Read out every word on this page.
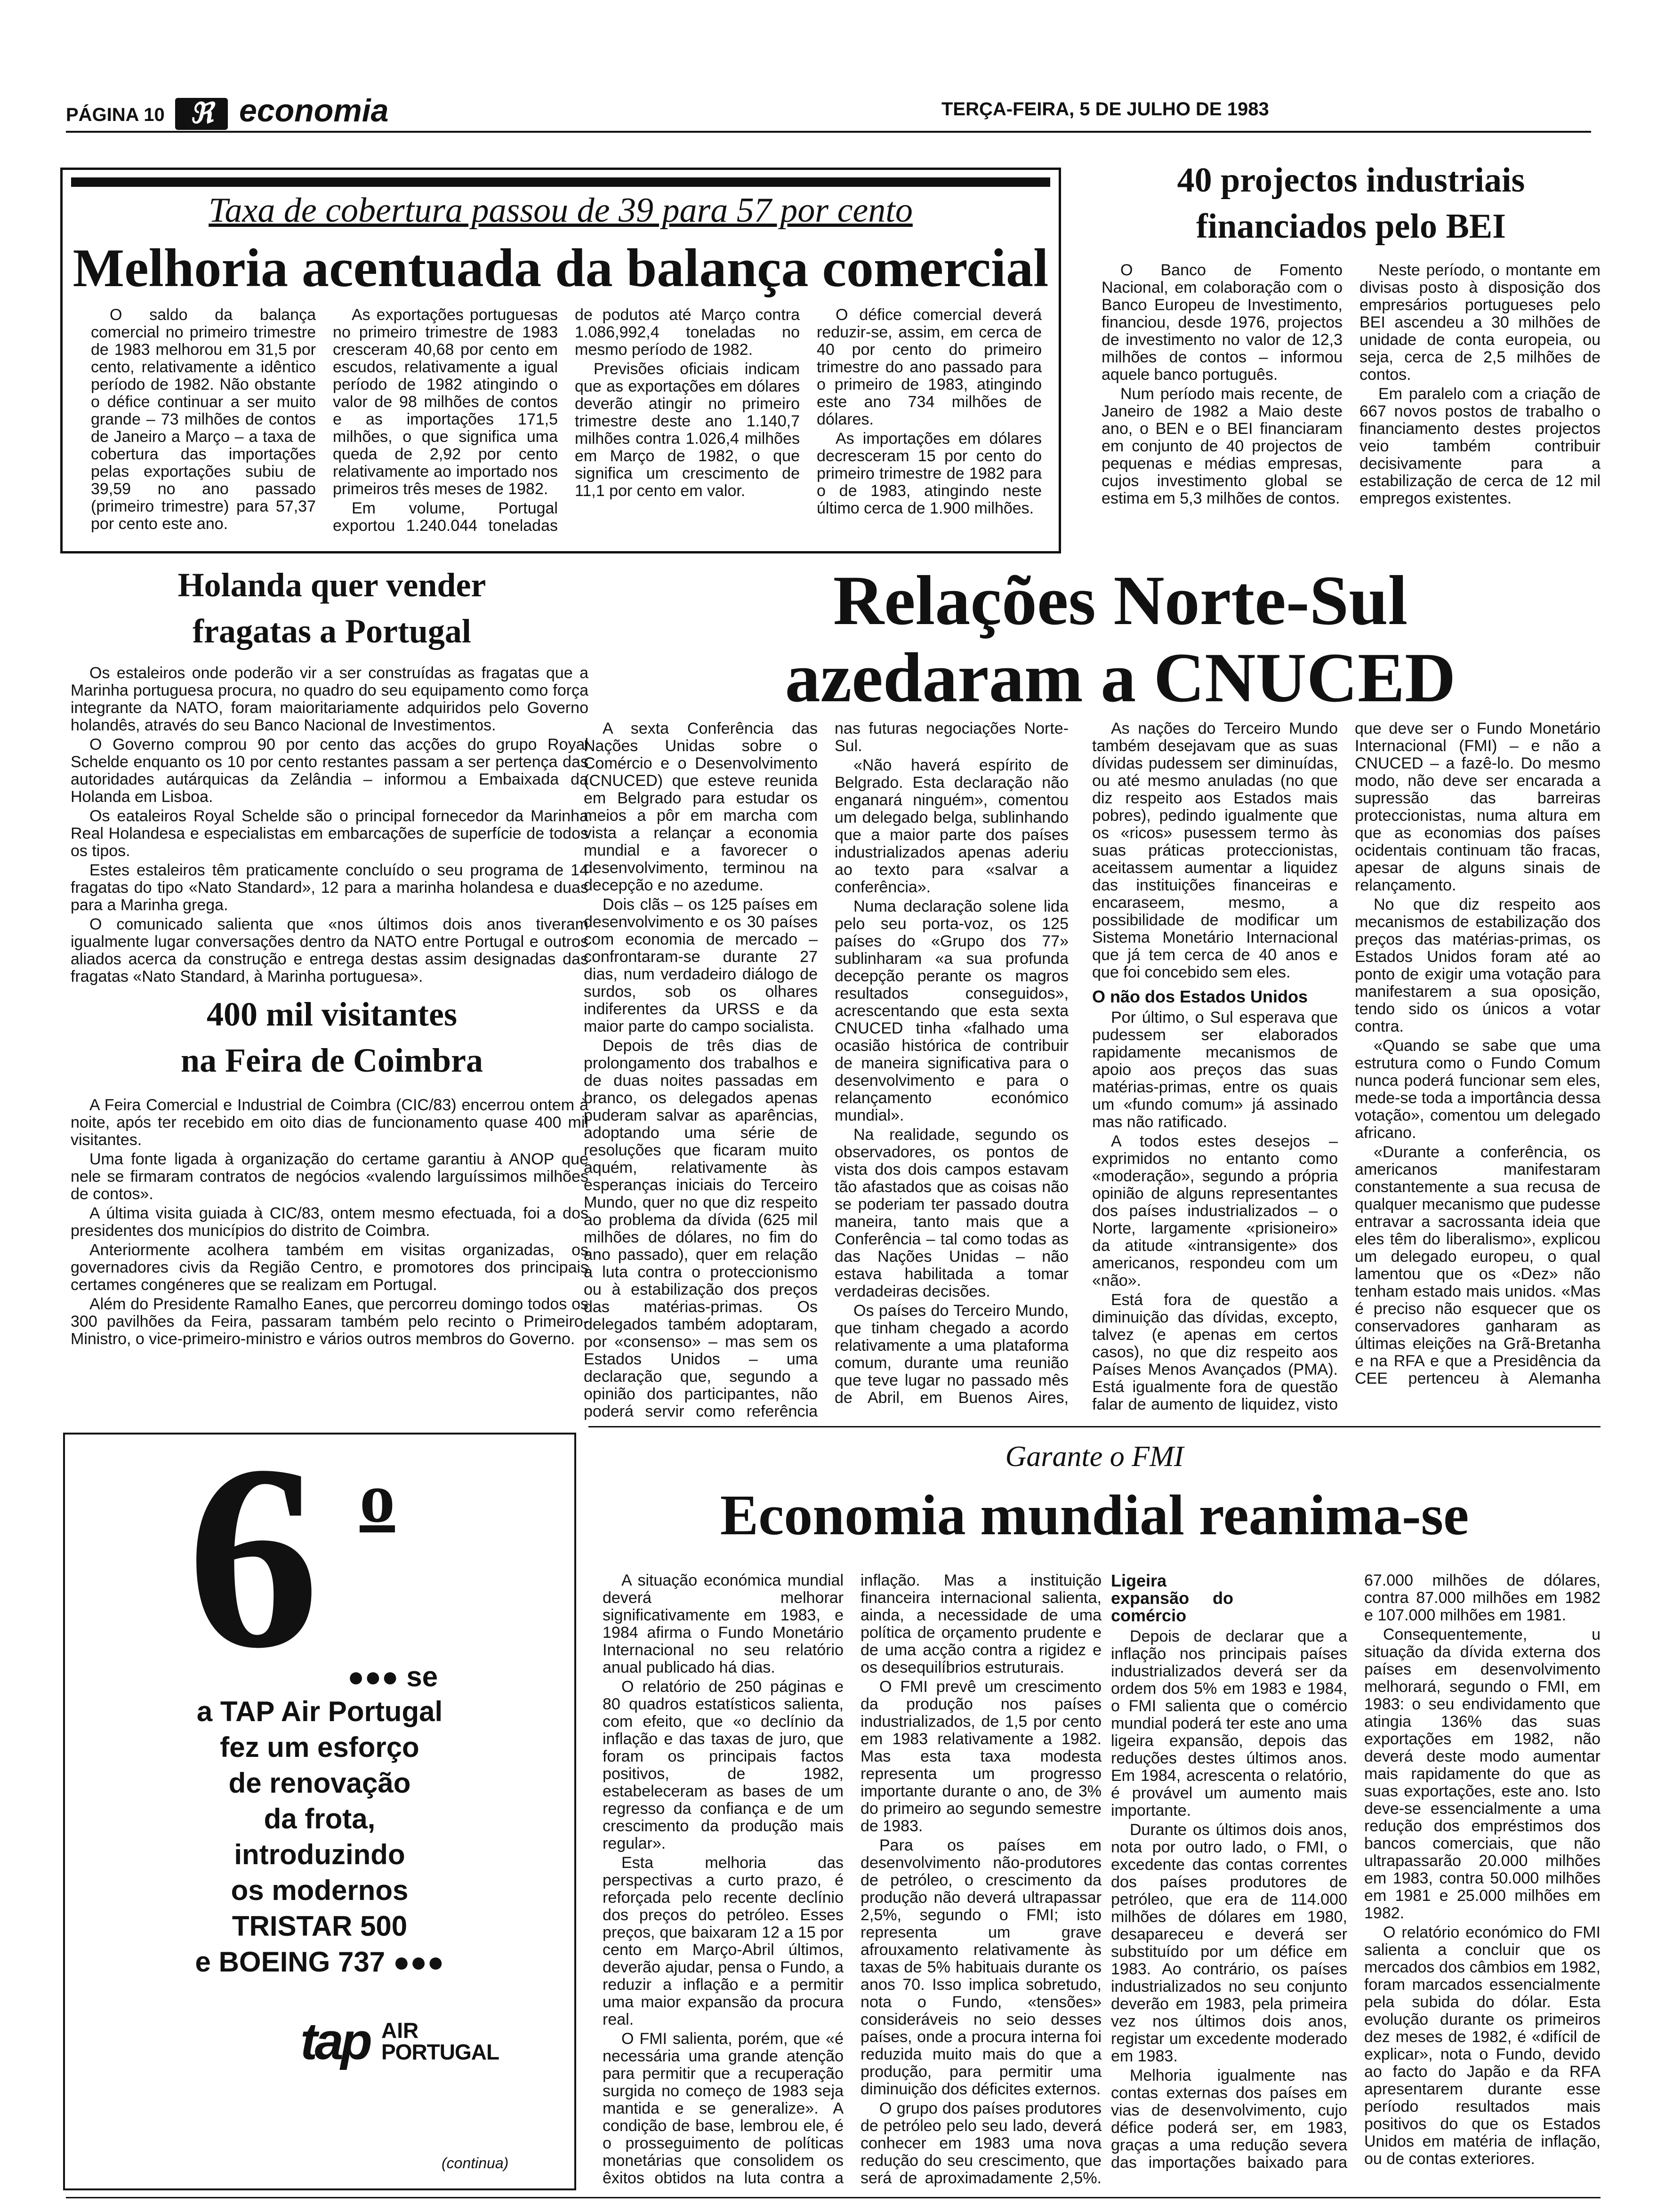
PÁGINA 10 ℜ economia	TERÇA-FEIRA, 5 DE JULHO DE 1983
Taxa de cobertura passou de 39 para 57 por cento
Melhoria acentuada da balança comercial

O saldo da balança comercial no primeiro trimestre de 1983 melhorou em 31,5 por cento, relativamente a idêntico período de 1982. Não obstante o défice continuar a ser muito grande – 73 milhões de contos de Janeiro a Março – a taxa de cobertura das importações pelas exportações subiu de 39,59 no ano passado (primeiro trimestre) para 57,37 por cento este ano.

As exportações portuguesas no primeiro trimestre de 1983 cresceram 40,68 por cento em escudos, relativamente a igual período de 1982 atingindo o valor de 98 milhões de contos e as importações 171,5 milhões, o que significa uma queda de 2,92 por cento relativamente ao importado nos primeiros três meses de 1982.

Em volume, Portugal exportou 1.240.044 toneladas de podutos até Março contra 1.086,992,4 toneladas no mesmo período de 1982.

Previsões oficiais indicam que as exportações em dólares deverão atingir no primeiro trimestre deste ano 1.140,7 milhões contra 1.026,4 milhões em Março de 1982, o que significa um crescimento de 11,1 por cento em valor.

O défice comercial deverá reduzir-se, assim, em cerca de 40 por cento do primeiro trimestre do ano passado para o primeiro de 1983, atingindo este ano 734 milhões de dólares.

As importações em dólares decresceram 15 por cento do primeiro trimestre de 1982 para o de 1983, atingindo neste último cerca de 1.900 milhões.

40 projectos industriais
financiados pelo BEI

O Banco de Fomento Nacional, em colaboração com o Banco Europeu de Investimento, financiou, desde 1976, projectos de investimento no valor de 12,3 milhões de contos – informou aquele banco português.

Num período mais recente, de Janeiro de 1982 a Maio deste ano, o BEN e o BEI financiaram em conjunto de 40 projectos de pequenas e médias empresas, cujos investimento global se estima em 5,3 milhões de contos.

Neste período, o montante em divisas posto à disposição dos empresários portugueses pelo BEI ascendeu a 30 milhões de unidade de conta europeia, ou seja, cerca de 2,5 milhões de contos.

Em paralelo com a criação de 667 novos postos de trabalho o financiamento destes projectos veio também contribuir decisivamente para a estabilização de cerca de 12 mil empregos existentes.

Holanda quer vender
fragatas a Portugal

Os estaleiros onde poderão vir a ser construídas as fragatas que a Marinha portuguesa procura, no quadro do seu equipamento como força integrante da NATO, foram maioritariamente adquiridos pelo Governo holandês, através do seu Banco Nacional de Investimentos.

O Governo comprou 90 por cento das acções do grupo Royal Schelde enquanto os 10 por cento restantes passam a ser pertença das autoridades autárquicas da Zelândia – informou a Embaixada da Holanda em Lisboa.

Os eataleiros Royal Schelde são o principal fornecedor da Marinha Real Holandesa e especialistas em embarcações de superfície de todos os tipos.

Estes estaleiros têm praticamente concluído o seu programa de 14 fragatas do tipo «Nato Standard», 12 para a marinha holandesa e duas para a Marinha grega.

O comunicado salienta que «nos últimos dois anos tiveram igualmente lugar conversações dentro da NATO entre Portugal e outros aliados acerca da construção e entrega destas assim designadas das fragatas «Nato Standard, à Marinha portuguesa».

400 mil visitantes
na Feira de Coimbra

A Feira Comercial e Industrial de Coimbra (CIC/83) encerrou ontem à noite, após ter recebido em oito dias de funcionamento quase 400 mil visitantes.

Uma fonte ligada à organização do certame garantiu à ANOP que nele se firmaram contratos de negócios «valendo larguíssimos milhões de contos».

A última visita guiada à CIC/83, ontem mesmo efectuada, foi a dos presidentes dos municípios do distrito de Coimbra.

Anteriormente acolhera também em visitas organizadas, os governadores civis da Região Centro, e promotores dos principais certames congéneres que se realizam em Portugal.

Além do Presidente Ramalho Eanes, que percorreu domingo todos os 300 pavilhões da Feira, passaram também pelo recinto o Primeiro-Ministro, o vice-primeiro-ministro e vários outros membros do Governo.

Relações Norte-Sul
azedaram a CNUCED

A sexta Conferência das Nações Unidas sobre o Comércio e o Desenvolvimento (CNUCED) que esteve reunida em Belgrado para estudar os meios a pôr em marcha com vista a relançar a economia mundial e a favorecer o desenvolvimento, terminou na decepção e no azedume.

Dois clãs – os 125 países em desenvolvimento e os 30 países com economia de mercado – confrontaram-se durante 27 dias, num verdadeiro diálogo de surdos, sob os olhares indiferentes da URSS e da maior parte do campo socialista.

Depois de três dias de prolongamento dos trabalhos e de duas noites passadas em branco, os delegados apenas puderam salvar as aparências, adoptando uma série de resoluções que ficaram muito aquém, relativamente às esperanças iniciais do Terceiro Mundo, quer no que diz respeito ao problema da dívida (625 mil milhões de dólares, no fim do ano passado), quer em relação à luta contra o proteccionismo ou à estabilização dos preços das matérias-primas. Os delegados também adoptaram, por «consenso» – mas sem os Estados Unidos – uma declaração que, segundo a opinião dos participantes, não poderá servir como referência nas futuras negociações Norte-Sul.

«Não haverá espírito de Belgrado. Esta declaração não enganará ninguém», comentou um delegado belga, sublinhando que a maior parte dos países industrializados apenas aderiu ao texto para «salvar a conferência».

Numa declaração solene lida pelo seu porta-voz, os 125 países do «Grupo dos 77» sublinharam «a sua profunda decepção perante os magros resultados conseguidos», acrescentando que esta sexta CNUCED tinha «falhado uma ocasião histórica de contribuir de maneira significativa para o desenvolvimento e para o relançamento económico mundial».

Na realidade, segundo os observadores, os pontos de vista dos dois campos estavam tão afastados que as coisas não se poderiam ter passado doutra maneira, tanto mais que a Conferência – tal como todas as das Nações Unidas – não estava habilitada a tomar verdadeiras decisões.

Os países do Terceiro Mundo, que tinham chegado a acordo relativamente a uma plataforma comum, durante uma reunião que teve lugar no passado mês de Abril, em Buenos Aires,

As nações do Terceiro Mundo também desejavam que as suas dívidas pudessem ser diminuídas, ou até mesmo anuladas (no que diz respeito aos Estados mais pobres), pedindo igualmente que os «ricos» pusessem termo às suas práticas proteccionistas, aceitassem aumentar a liquidez das instituições financeiras e encaraseem, mesmo, a possibilidade de modificar um Sistema Monetário Internacional que já tem cerca de 40 anos e que foi concebido sem eles.

O não dos Estados Unidos

Por último, o Sul esperava que pudessem ser elaborados rapidamente mecanismos de apoio aos preços das suas matérias-primas, entre os quais um «fundo comum» já assinado mas não ratificado.

A todos estes desejos – exprimidos no entanto como «moderação», segundo a própria opinião de alguns representantes dos países industrializados – o Norte, largamente «prisioneiro» da atitude «intransigente» dos americanos, respondeu com um «não».

Está fora de questão a diminuição das dívidas, excepto, talvez (e apenas em certos casos), no que diz respeito aos Países Menos Avançados (PMA). Está igualmente fora de questão falar de aumento de liquidez, visto que deve ser o Fundo Monetário Internacional (FMI) – e não a CNUCED – a fazê-lo. Do mesmo modo, não deve ser encarada a supressão das barreiras proteccionistas, numa altura em que as economias dos países ocidentais continuam tão fracas, apesar de alguns sinais de relançamento.

No que diz respeito aos mecanismos de estabilização dos preços das matérias-primas, os Estados Unidos foram até ao ponto de exigir uma votação para manifestarem a sua oposição, tendo sido os únicos a votar contra.

«Quando se sabe que uma estrutura como o Fundo Comum nunca poderá funcionar sem eles, mede-se toda a importância dessa votação», comentou um delegado africano.

«Durante a conferência, os americanos manifestaram constantemente a sua recusa de qualquer mecanismo que pudesse entravar a sacrossanta ideia que eles têm do liberalismo», explicou um delegado europeu, o qual lamentou que os «Dez» não tenham estado mais unidos. «Mas é preciso não esquecer que os conservadores ganharam as últimas eleições na Grã-Bretanha e na RFA e que a Presidência da CEE pertenceu à Alemanha

6 o
●●● se
a TAP Air Portugal
fez um esforço
de renovação
da frota,
introduzindo
os modernos
TRISTAR 500
e BOEING 737 ●●●
tap AIR
PORTUGAL
(continua)
Garante o FMI
Economia mundial reanima-se

A situação económica mundial deverá melhorar significativamente em 1983, e 1984 afirma o Fundo Monetário Internacional no seu relatório anual publicado há dias.

O relatório de 250 páginas e 80 quadros estatísticos salienta, com efeito, que «o declínio da inflação e das taxas de juro, que foram os principais factos positivos, de 1982, estabeleceram as bases de um regresso da confiança e de um crescimento da produção mais regular».

Esta melhoria das perspectivas a curto prazo, é reforçada pelo recente declínio dos preços do petróleo. Esses preços, que baixaram 12 a 15 por cento em Março-Abril últimos, deverão ajudar, pensa o Fundo, a reduzir a inflação e a permitir uma maior expansão da procura real.

O FMI salienta, porém, que «é necessária uma grande atenção para permitir que a recuperação surgida no começo de 1983 seja mantida e se generalize». A condição de base, lembrou ele, é o prosseguimento de políticas monetárias que consolidem os êxitos obtidos na luta contra a inflação. Mas a instituição financeira internacional salienta, ainda, a necessidade de uma política de orçamento prudente e de uma acção contra a rigidez e os desequilíbrios estruturais.

O FMI prevê um crescimento da produção nos países industrializados, de 1,5 por cento em 1983 relativamente a 1982. Mas esta taxa modesta representa um progresso importante durante o ano, de 3% do primeiro ao segundo semestre de 1983.

Para os países em desenvolvimento não-produtores de petróleo, o crescimento da produção não deverá ultrapassar 2,5%, segundo o FMI; isto representa um grave afrouxamento relativamente às taxas de 5% habituais durante os anos 70. Isso implica sobretudo, nota o Fundo, «tensões» consideráveis no seio desses países, onde a procura interna foi reduzida muito mais do que a produção, para permitir uma diminuição dos déficites externos.

O grupo dos países produtores de petróleo pelo seu lado, deverá conhecer em 1983 uma nova redução do seu crescimento, que será de aproximadamente 2,5%.

Ligeira expansão do comércio

Depois de declarar que a inflação nos principais países industrializados deverá ser da ordem dos 5% em 1983 e 1984, o FMI salienta que o comércio mundial poderá ter este ano uma ligeira expansão, depois das reduções destes últimos anos. Em 1984, acrescenta o relatório, é provável um aumento mais importante.

Durante os últimos dois anos, nota por outro lado, o FMI, o excedente das contas correntes dos países produtores de petróleo, que era de 114.000 milhões de dólares em 1980, desapareceu e deverá ser substituído por um défice em 1983. Ao contrário, os países industrializados no seu conjunto deverão em 1983, pela primeira vez nos últimos dois anos, registar um excedente moderado em 1983.

Melhoria igualmente nas contas externas dos países em vias de desenvolvimento, cujo défice poderá ser, em 1983, graças a uma redução severa das importações baixado para 67.000 milhões de dólares, contra 87.000 milhões em 1982 e 107.000 milhões em 1981.

Consequentemente, u situação da dívida externa dos países em desenvolvimento melhorará, segundo o FMI, em 1983: o seu endividamento que atingia 136% das suas exportações em 1982, não deverá deste modo aumentar mais rapidamente do que as suas exportações, este ano. Isto deve-se essencialmente a uma redução dos empréstimos dos bancos comerciais, que não ultrapassarão 20.000 milhões em 1983, contra 50.000 milhões em 1981 e 25.000 milhões em 1982.

O relatório económico do FMI salienta a concluir que os mercados dos câmbios em 1982, foram marcados essencialmente pela subida do dólar. Esta evolução durante os primeiros dez meses de 1982, é «difícil de explicar», nota o Fundo, devido ao facto do Japão e da RFA apresentarem durante esse período resultados mais positivos do que os Estados Unidos em matéria de inflação, ou de contas exteriores.
